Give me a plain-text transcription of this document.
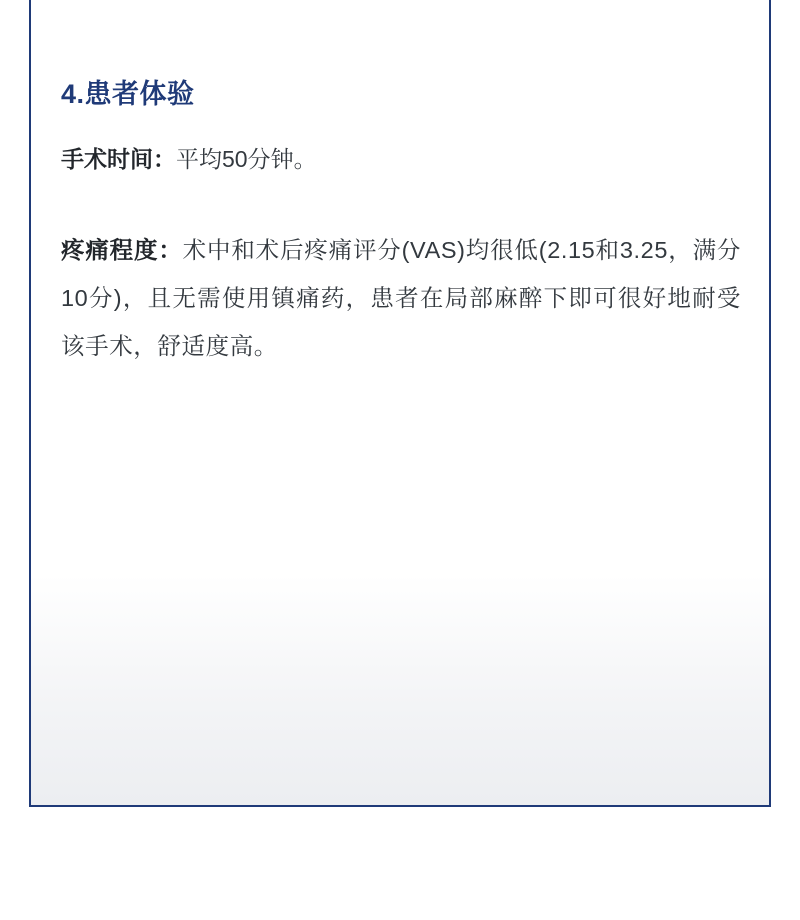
4.患者体验

手术时间：平均50分钟。

疼痛程度：术中和术后疼痛评分(VAS)均很低(2.15和3.25，满分10分)，且无需使用镇痛药，患者在局部麻醉下即可很好地耐受该手术，舒适度高。
